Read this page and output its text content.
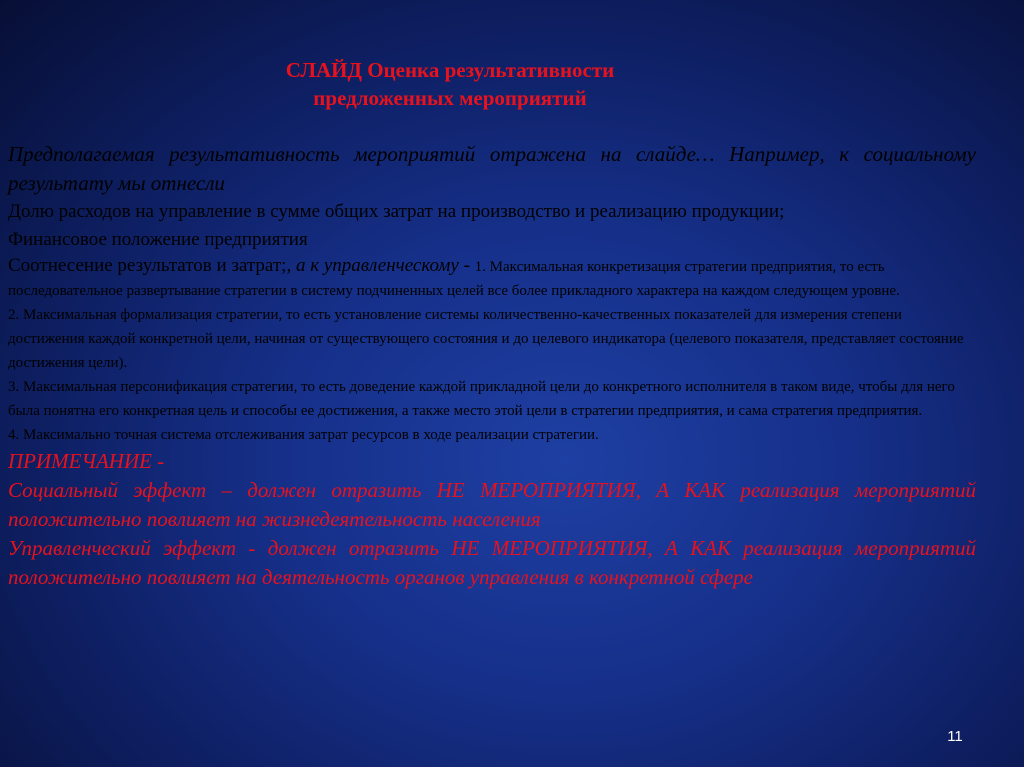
СЛАЙД Оценка результативности
предложенных мероприятий

Предполагаемая результативность мероприятий отражена на слайде… Например, к социальному результату мы отнесли

Долю расходов на управление в сумме общих затрат на производство и реализацию продукции;

Финансовое положение предприятия

Соотнесение результатов и затрат;, а к управленческому - 1. Максимальная конкретизация стратегии предприятия, то есть последовательное развертывание стратегии в систему подчиненных целей все более прикладного характера на каждом следующем уровне.

2. Максимальная формализация стратегии, то есть установление системы количественно-качественных показателей для измерения степени достижения каждой конкретной цели, начиная от существующего состояния и до целевого индикатора (целевого показателя, представляет состояние достижения цели).

3. Максимальная персонификация стратегии, то есть доведение каждой прикладной цели до конкретного исполнителя в таком виде, чтобы для него была понятна его конкретная цель и способы ее достижения, а также место этой цели в стратегии предприятия, и сама стратегия предприятия.

4. Максимально точная система отслеживания затрат ресурсов в ходе реализации стратегии.

ПРИМЕЧАНИЕ -

Социальный эффект – должен отразить НЕ МЕРОПРИЯТИЯ, А КАК реализация мероприятий положительно повлияет на жизнедеятельность населения

Управленческий эффект - должен отразить НЕ МЕРОПРИЯТИЯ, А КАК реализация мероприятий положительно повлияет на деятельность органов управления в конкретной сфере

11
